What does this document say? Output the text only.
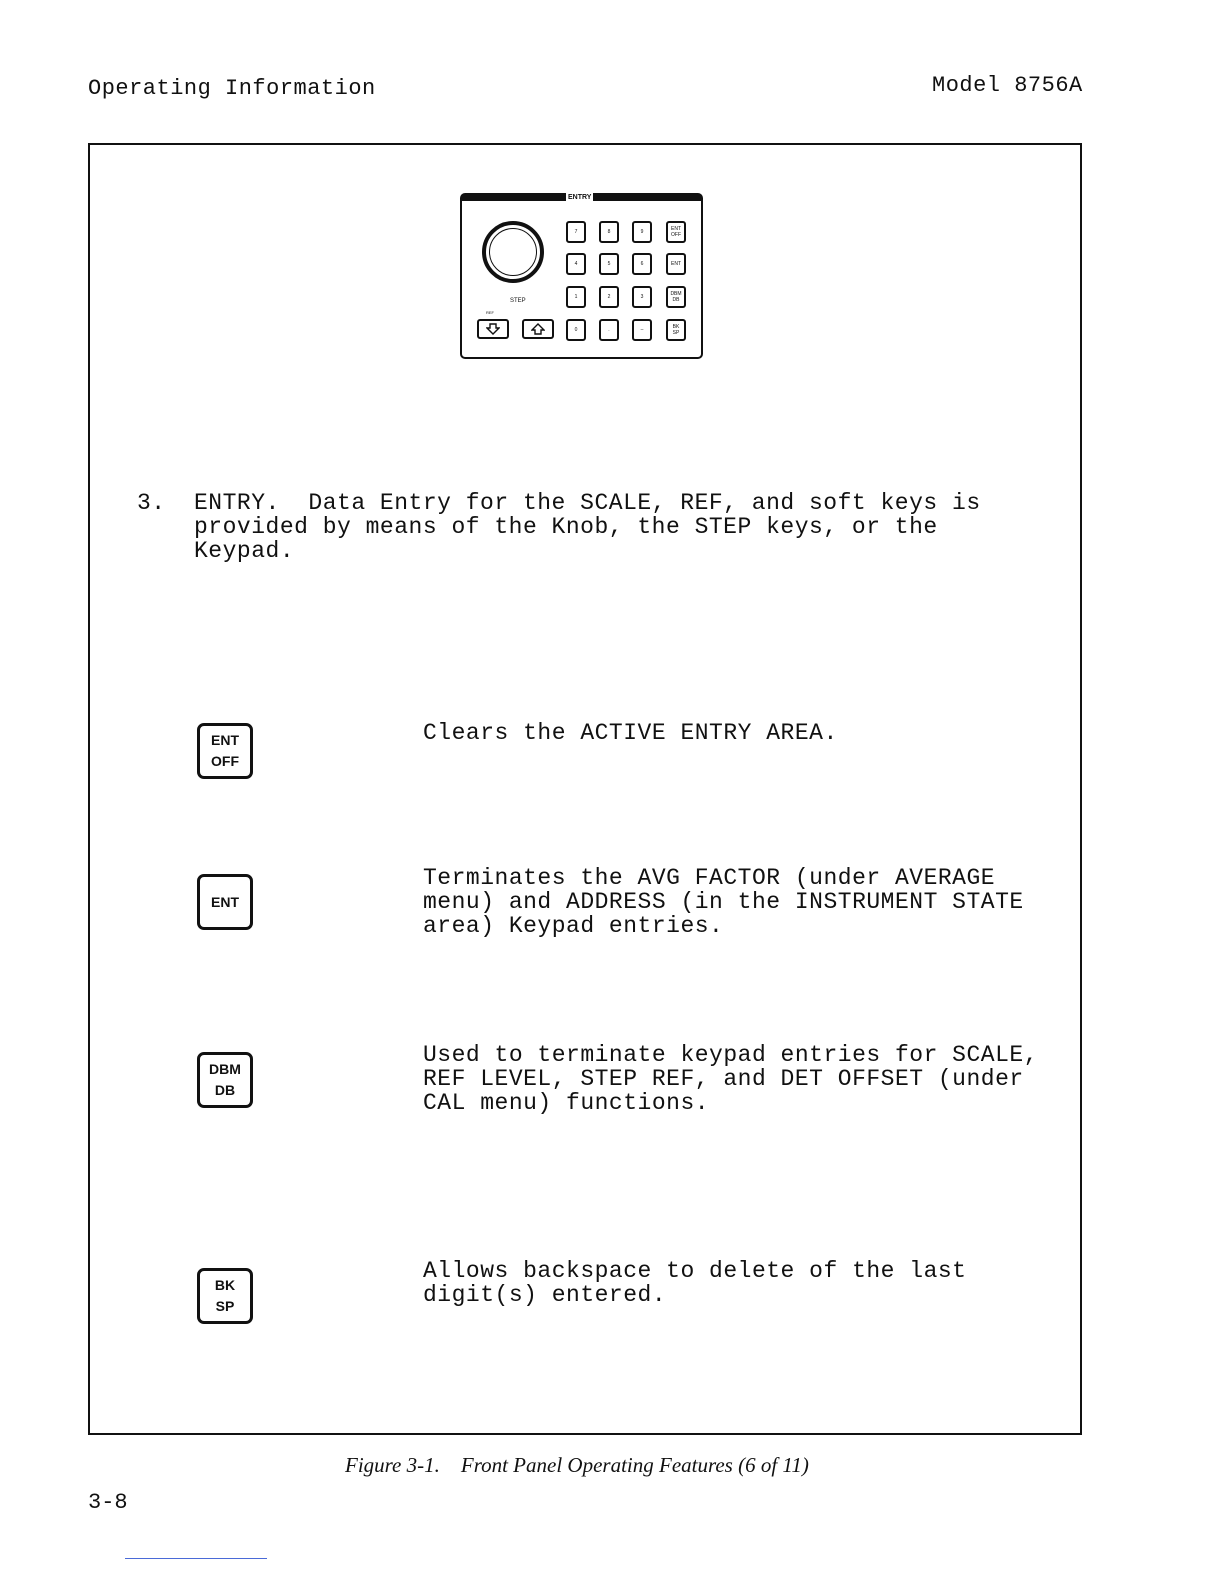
Operating Information	Model 8756A
ENTRY
STEP
REF
7	8	9	ENT
OFF
4	5	6	ENT
1	2	3	DBM
DB
0	.	–	BK
SP
3. ENTRY.  Data Entry for the SCALE, REF, and soft keys is
provided by means of the Knob, the STEP keys, or the
Keypad.
ENT
OFF
Clears the ACTIVE ENTRY AREA.
ENT
Terminates the AVG FACTOR (under AVERAGE
menu) and ADDRESS (in the INSTRUMENT STATE
area) Keypad entries.
DBM
DB
Used to terminate keypad entries for SCALE,
REF LEVEL, STEP REF, and DET OFFSET (under
CAL menu) functions.
BK
SP
Allows backspace to delete of the last
digit(s) entered.
Figure 3-1.    Front Panel Operating Features (6 of 11)
3-8
